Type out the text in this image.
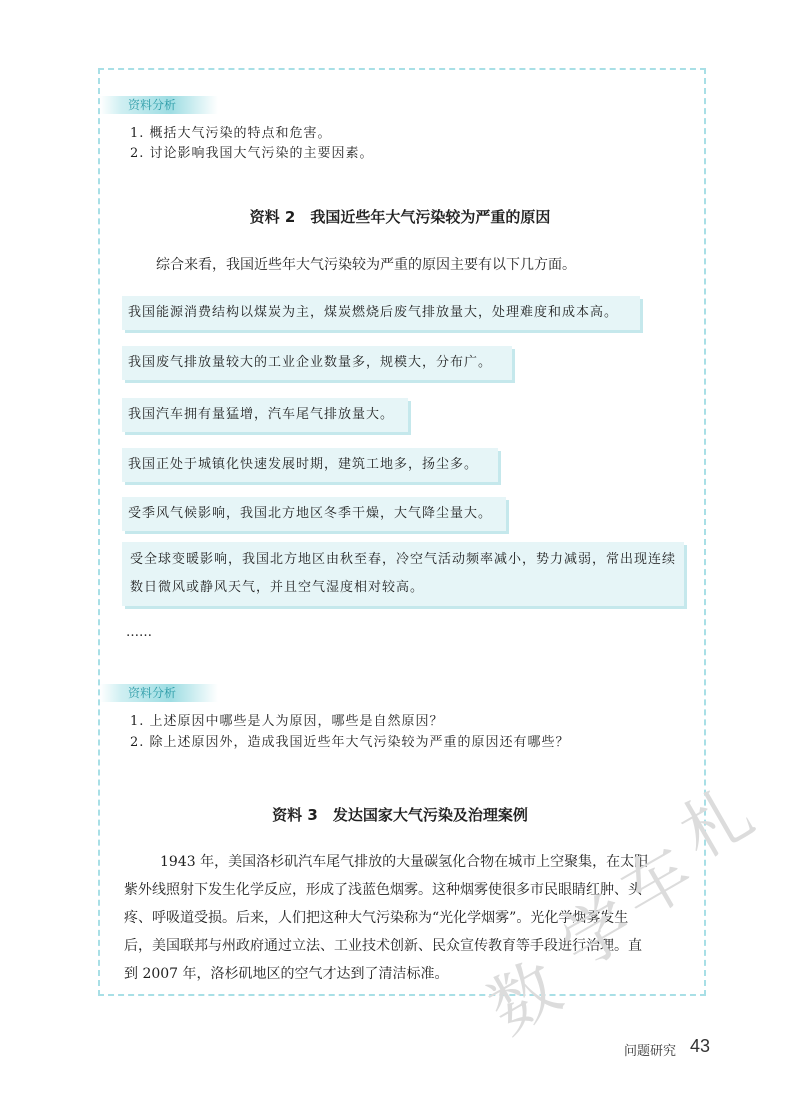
资料分析
1. 概括大气污染的特点和危害。
2. 讨论影响我国大气污染的主要因素。
资料 2　我国近些年大气污染较为严重的原因
综合来看，我国近些年大气污染较为严重的原因主要有以下几方面。
我国能源消费结构以煤炭为主，煤炭燃烧后废气排放量大，处理难度和成本高。
我国废气排放量较大的工业企业数量多，规模大，分布广。
我国汽车拥有量猛增，汽车尾气排放量大。
我国正处于城镇化快速发展时期，建筑工地多，扬尘多。
受季风气候影响，我国北方地区冬季干燥，大气降尘量大。
受全球变暖影响，我国北方地区由秋至春，冷空气活动频率减小，势力减弱，常出现连续数日微风或静风天气，并且空气湿度相对较高。
……
资料分析
1. 上述原因中哪些是人为原因，哪些是自然原因？
2. 除上述原因外，造成我国近些年大气污染较为严重的原因还有哪些？
资料 3　发达国家大气污染及治理案例
1943 年，美国洛杉矶汽车尾气排放的大量碳氢化合物在城市上空聚集，在太阳
紫外线照射下发生化学反应，形成了浅蓝色烟雾。这种烟雾使很多市民眼睛红肿、头
疼、呼吸道受损。后来，人们把这种大气污染称为“光化学烟雾”。光化学烟雾发生
后，美国联邦与州政府通过立法、工业技术创新、民众宣传教育等手段进行治理。直
到 2007 年，洛杉矶地区的空气才达到了清洁标准。 数
学
车
札
问题研究 43
